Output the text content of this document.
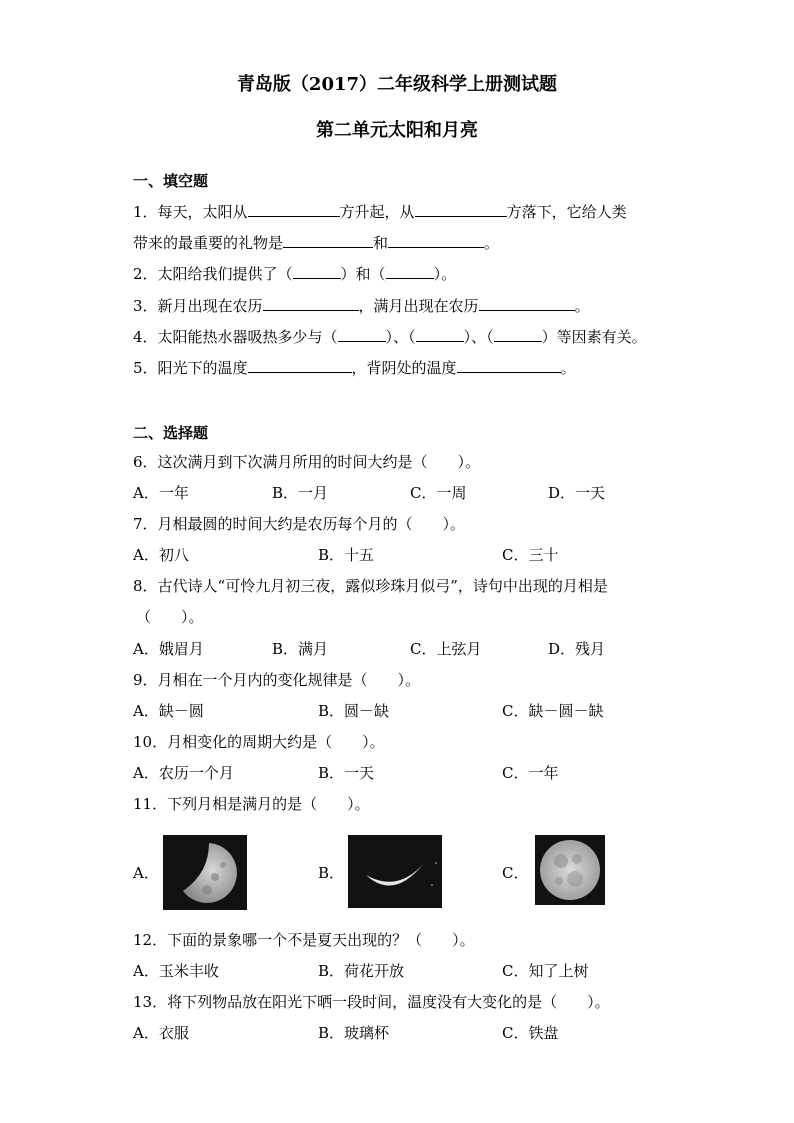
青岛版（2017）二年级科学上册测试题
第二单元太阳和月亮
一、填空题
1．每天，太阳从	方升起，从	方落下，它给人类
带来的最重要的礼物是	和	。
2．太阳给我们提供了（	）和（	）。
3．新月出现在农历	，满月出现在农历	。
4．太阳能热水器吸热多少与（	）、（	）、（	）等因素有关。
5．阳光下的温度	，背阴处的温度	。
二、选择题
6．这次满月到下次满月所用的时间大约是（　　）。
A．一年	B．一月	C．一周	D．一天
7．月相最圆的时间大约是农历每个月的（　　）。
A．初八	B．十五	C．三十
8．古代诗人“可怜九月初三夜，露似珍珠月似弓”，诗句中出现的月相是
（　　）。
A．娥眉月	B．满月	C．上弦月	D．残月
9．月相在一个月内的变化规律是（　　）。
A．缺－圆	B．圆－缺	C．缺－圆－缺
10．月相变化的周期大约是（　　）。
A．农历一个月	B．一天	C．一年
11．下列月相是满月的是（　　）。
A．	B．	C．
12．下面的景象哪一个不是夏天出现的？（　　）。
A．玉米丰收	B．荷花开放	C．知了上树
13．将下列物品放在阳光下晒一段时间，温度没有大变化的是（　　）。
A．衣服	B．玻璃杯	C．铁盘
